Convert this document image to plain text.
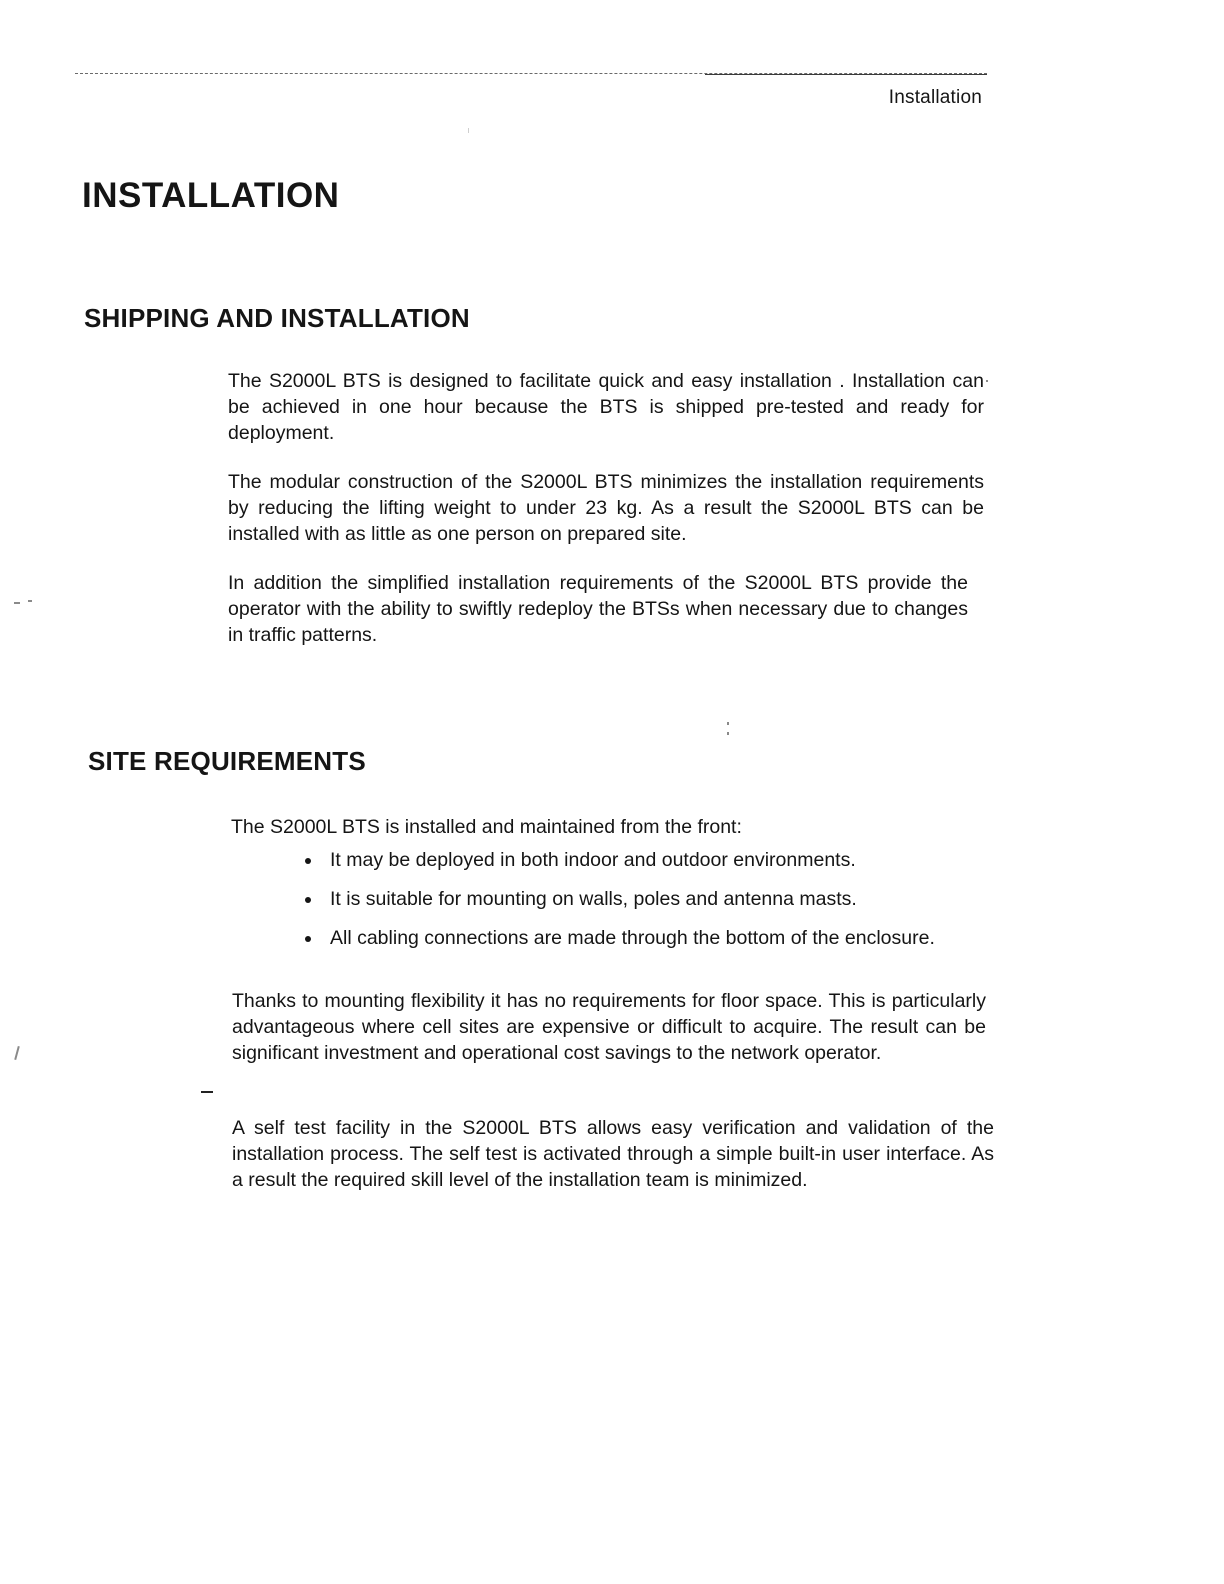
Installation
INSTALLATION
SHIPPING AND INSTALLATION

The S2000L BTS is designed to facilitate quick and easy installation . Installation can be achieved in one hour because the BTS is shipped pre-tested and ready for deployment.

The modular construction of the S2000L BTS minimizes the installation requirements by reducing the lifting weight to under 23 kg. As a result the S2000L BTS can be installed with as little as one person on prepared site.

In addition the simplified installation requirements of the S2000L BTS provide the operator with the ability to swiftly redeploy the BTSs when necessary due to changes in traffic patterns.

SITE REQUIREMENTS

The S2000L BTS is installed and maintained from the front:

It may be deployed in both indoor and outdoor environments.
It is suitable for mounting on walls, poles and antenna masts.
All cabling connections are made through the bottom of the enclosure.

Thanks to mounting flexibility it has no requirements for floor space. This is particularly advantageous where cell sites are expensive or difficult to acquire. The result can be significant investment and operational cost savings to the network operator.

A self test facility in the S2000L BTS allows easy verification and validation of the installation process. The self test is activated through a simple built-in user interface. As a result the required skill level of the installation team is minimized.
